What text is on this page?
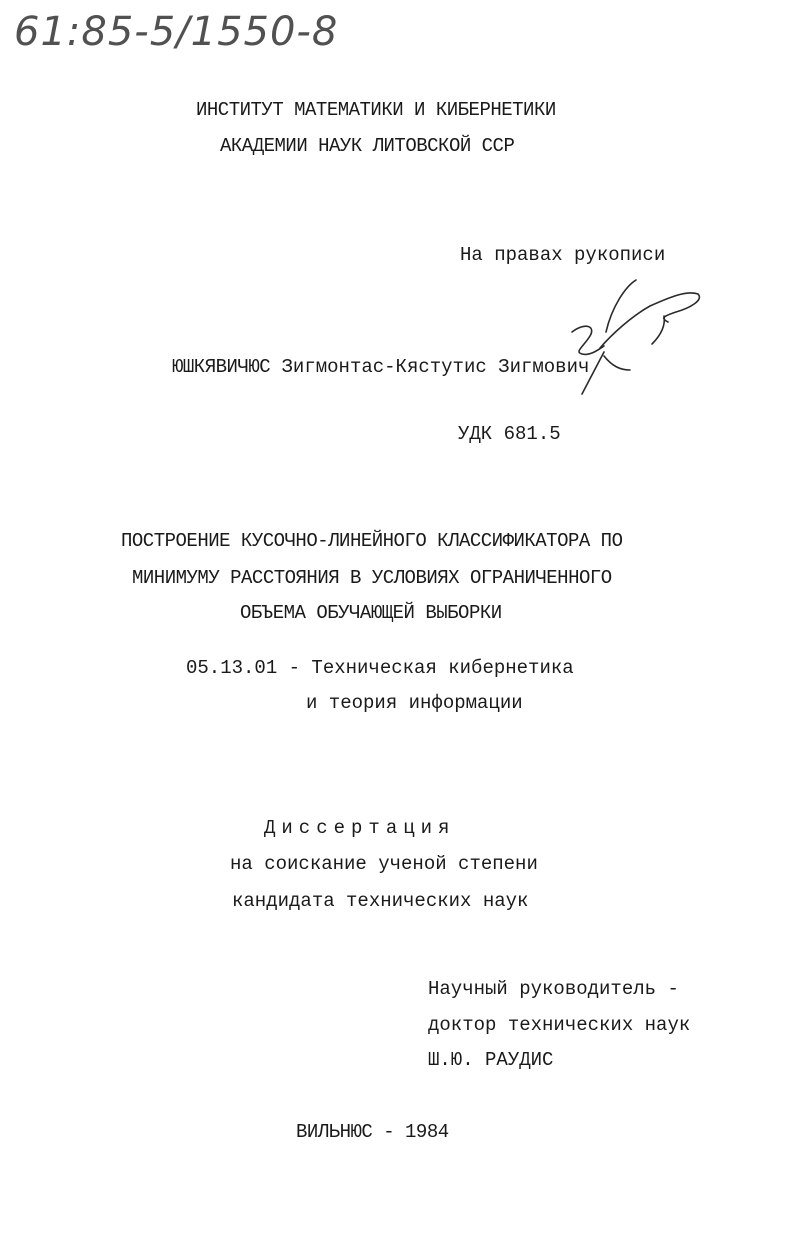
61:85-5/1550-8
ИНСТИТУТ МАТЕМАТИКИ И КИБЕРНЕТИКИ
АКАДЕМИИ НАУК ЛИТОВСКОЙ ССР
На правах рукописи
ЮШКЯВИЧЮС Зигмонтас-Кястутис Зигмович
УДК 681.5
ПОСТРОЕНИЕ КУСОЧНО-ЛИНЕЙНОГО КЛАССИФИКАТОРА ПО
МИНИМУМУ РАССТОЯНИЯ В УСЛОВИЯХ ОГРАНИЧЕННОГО
ОБЪЕМА ОБУЧАЮЩЕЙ ВЫБОРКИ
05.13.01 - Техническая кибернетика
и теория информации
Диссертация
на соискание ученой степени
кандидата технических наук
Научный руководитель -
доктор технических наук
Ш.Ю. РАУДИС
ВИЛЬНЮС - 1984
